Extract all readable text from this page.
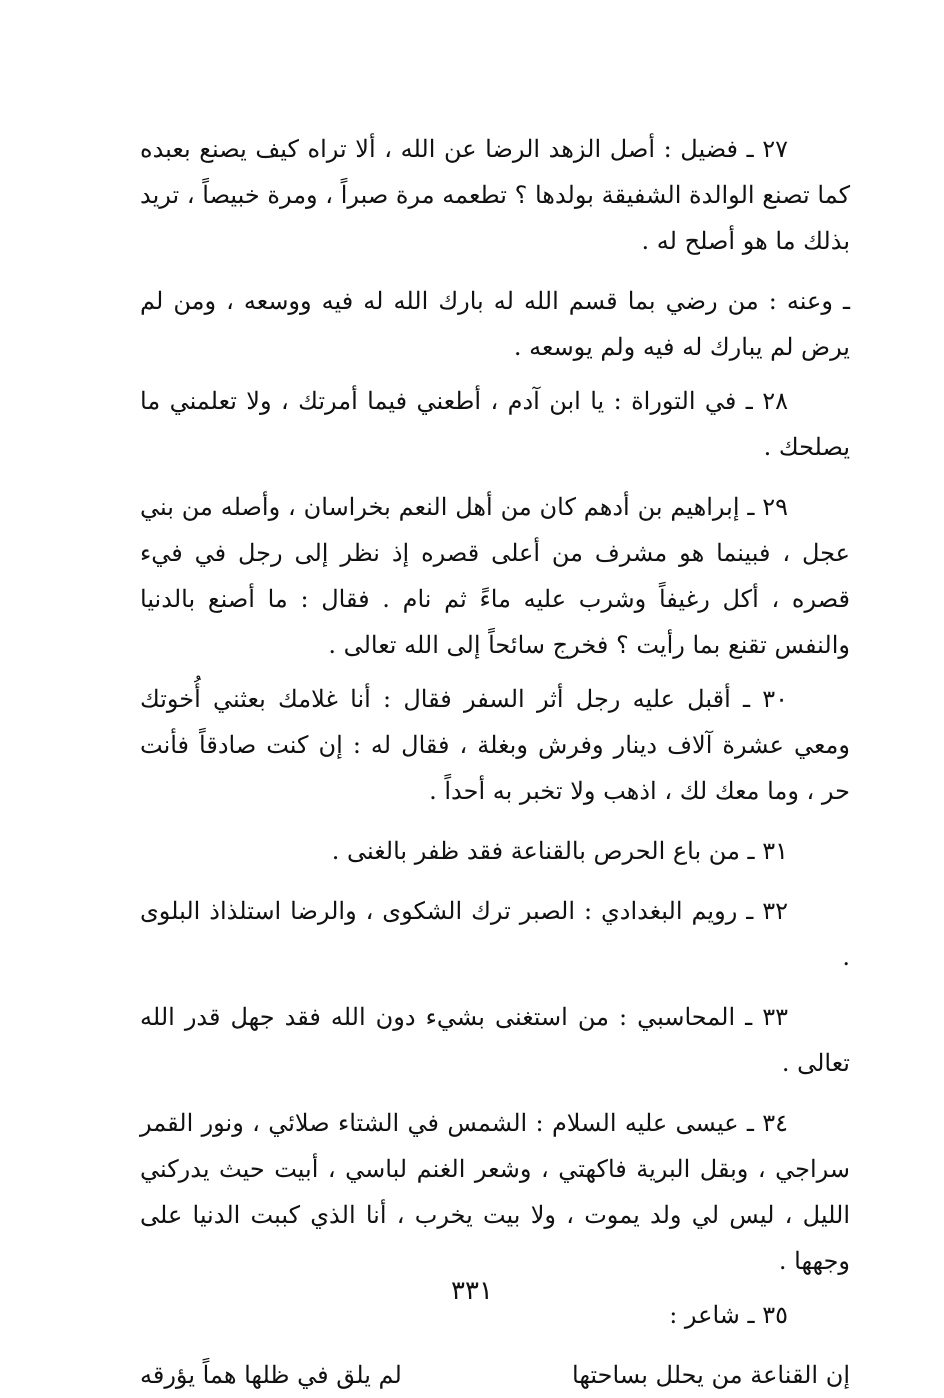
٢٧ ـ فضيل : أصل الزهد الرضا عن الله ، ألا تراه كيف يصنع بعبده كما تصنع الوالدة الشفيقة بولدها ؟ تطعمه مرة صبراً ، ومرة خبيصاً ، تريد بذلك ما هو أصلح له .

ـ وعنه : من رضي بما قسم الله له بارك الله له فيه ووسعه ، ومن لم يرض لم يبارك له فيه ولم يوسعه .

٢٨ ـ في التوراة : يا ابن آدم ، أطعني فيما أمرتك ، ولا تعلمني ما يصلحك .

٢٩ ـ إبراهيم بن أدهم كان من أهل النعم بخراسان ، وأصله من بني عجل ، فبينما هو مشرف من أعلى قصره إذ نظر إلى رجل في فيء قصره ، أكل رغيفاً وشرب عليه ماءً ثم نام . فقال : ما أصنع بالدنيا والنفس تقنع بما رأيت ؟ فخرج سائحاً إلى الله تعالى .

٣٠ ـ أقبل عليه رجل أثر السفر فقال : أنا غلامك بعثني أُخوتك ومعي عشرة آلاف دينار وفرش وبغلة ، فقال له : إن كنت صادقاً فأنت حر ، وما معك لك ، اذهب ولا تخبر به أحداً .

٣١ ـ من باع الحرص بالقناعة فقد ظفر بالغنى .

٣٢ ـ رويم البغدادي : الصبر ترك الشكوى ، والرضا استلذاذ البلوى .

٣٣ ـ المحاسبي : من استغنى بشيء دون الله فقد جهل قدر الله تعالى .

٣٤ ـ عيسى عليه السلام : الشمس في الشتاء صلائي ، ونور القمر سراجي ، وبقل البرية فاكهتي ، وشعر الغنم لباسي ، أبيت حيث يدركني الليل ، ليس لي ولد يموت ، ولا بيت يخرب ، أنا الذي كببت الدنيا على وجهها .

٣٥ ـ شاعر :

إن القناعة من يحلل بساحتها
لم يلق في ظلها هماً يؤرقه
٣٣١
